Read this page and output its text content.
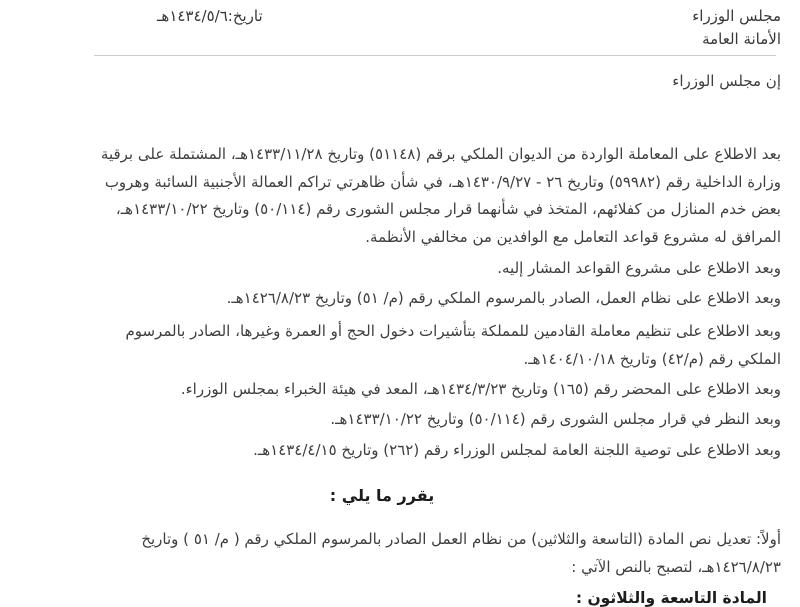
مجلس الوزراء
الأمانة العامة
تاريخ:١٤٣٤/٥/٦هـ
إن مجلس الوزراء
بعد الاطلاع على المعاملة الواردة من الديوان الملكي برقم (٥١١٤٨) وتاريخ ١٤٣٣/١١/٢٨هـ، المشتملة على برقية
وزارة الداخلية رقم (٥٩٩٨٢) وتاريخ ٢٦ - ١٤٣٠/٩/٢٧هـ، في شأن ظاهرتي تراكم العمالة الأجنبية السائبة وهروب
بعض خدم المنازل من كفلائهم، المتخذ في شأنهما قرار مجلس الشورى رقم (٥٠/١١٤) وتاريخ ١٤٣٣/١٠/٢٢هـ،
المرافق له مشروع قواعد التعامل مع الوافدين من مخالفي الأنظمة.
وبعد الاطلاع على مشروع القواعد المشار إليه.
وبعد الاطلاع على نظام العمل، الصادر بالمرسوم الملكي رقم (م/ ٥١) وتاريخ ١٤٢٦/٨/٢٣هـ.
وبعد الاطلاع على تنظيم معاملة القادمين للمملكة بتأشيرات دخول الحج أو العمرة وغيرها، الصادر بالمرسوم
الملكي رقم (م/٤٢) وتاريخ ١٤٠٤/١٠/١٨هـ.
وبعد الاطلاع على المحضر رقم (١٦٥) وتاريخ ١٤٣٤/٣/٢٣هـ، المعد في هيئة الخبراء بمجلس الوزراء.
وبعد النظر في قرار مجلس الشورى رقم (٥٠/١١٤) وتاريخ ١٤٣٣/١٠/٢٢هـ.
وبعد الاطلاع على توصية اللجنة العامة لمجلس الوزراء رقم (٢٦٢) وتاريخ ١٤٣٤/٤/١٥هـ.
يقرر ما يلي :
أولاً: تعديل نص المادة (التاسعة والثلاثين) من نظام العمل الصادر بالمرسوم الملكي رقم ( م/ ٥١ ) وتاريخ
١٤٢٦/٨/٢٣هـ، لتصبح بالنص الآتي :
المادة التاسعة والثلاثون :
